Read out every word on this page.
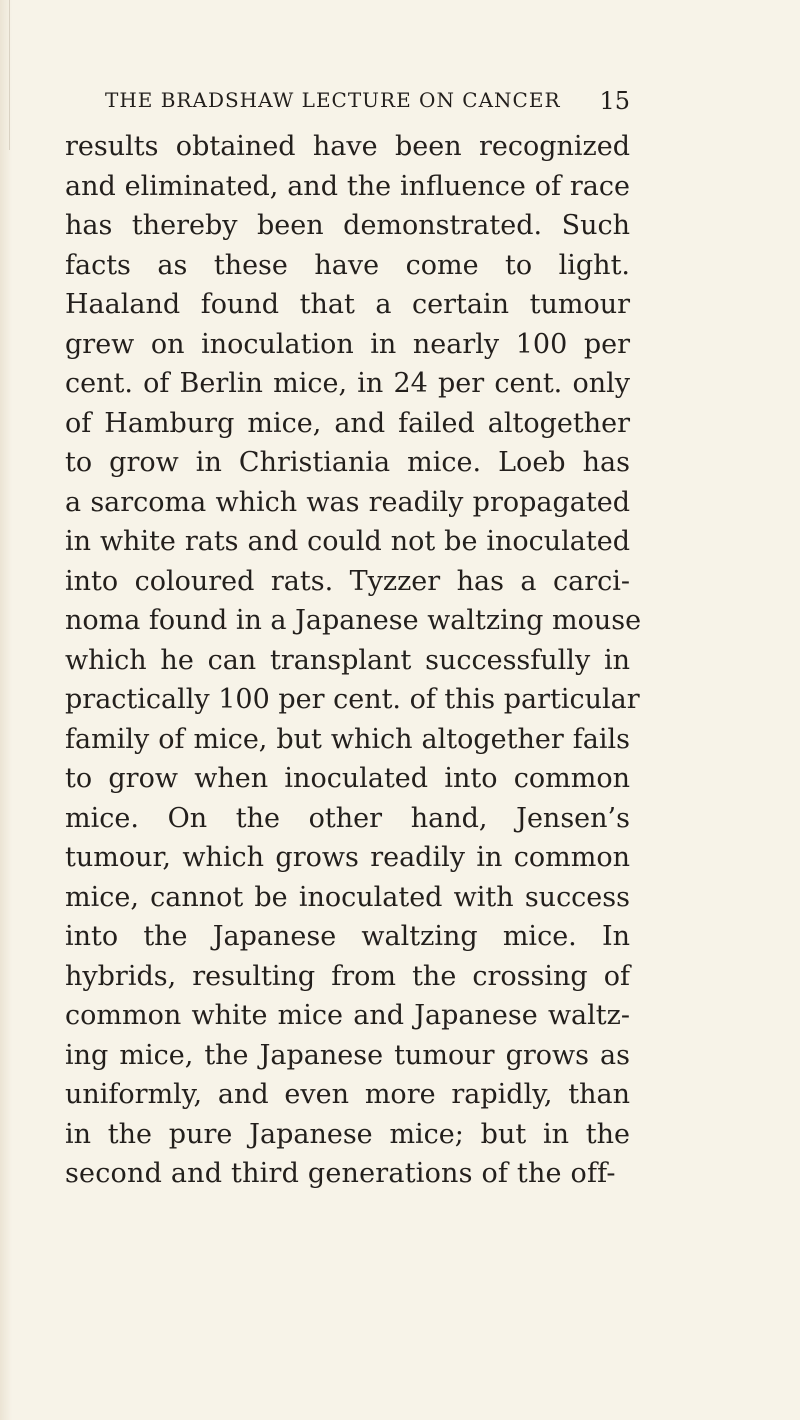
THE BRADSHAW LECTURE ON CANCER 15
results obtained have been recognized
and eliminated, and the influence of race
has thereby been demonstrated. Such
facts as these have come to light.
Haaland found that a certain tumour
grew on inoculation in nearly 100 per
cent. of Berlin mice, in 24 per cent. only
of Hamburg mice, and failed altogether
to grow in Christiania mice. Loeb has
a sarcoma which was readily propagated
in white rats and could not be inoculated
into coloured rats. Tyzzer has a carci-
noma found in a Japanese waltzing mouse
which he can transplant successfully in
practically 100 per cent. of this particular
family of mice, but which altogether fails
to grow when inoculated into common
mice. On the other hand, Jensen’s
tumour, which grows readily in common
mice, cannot be inoculated with success
into the Japanese waltzing mice. In
hybrids, resulting from the crossing of
common white mice and Japanese waltz-
ing mice, the Japanese tumour grows as
uniformly, and even more rapidly, than
in the pure Japanese mice; but in the
second and third generations of the off-
